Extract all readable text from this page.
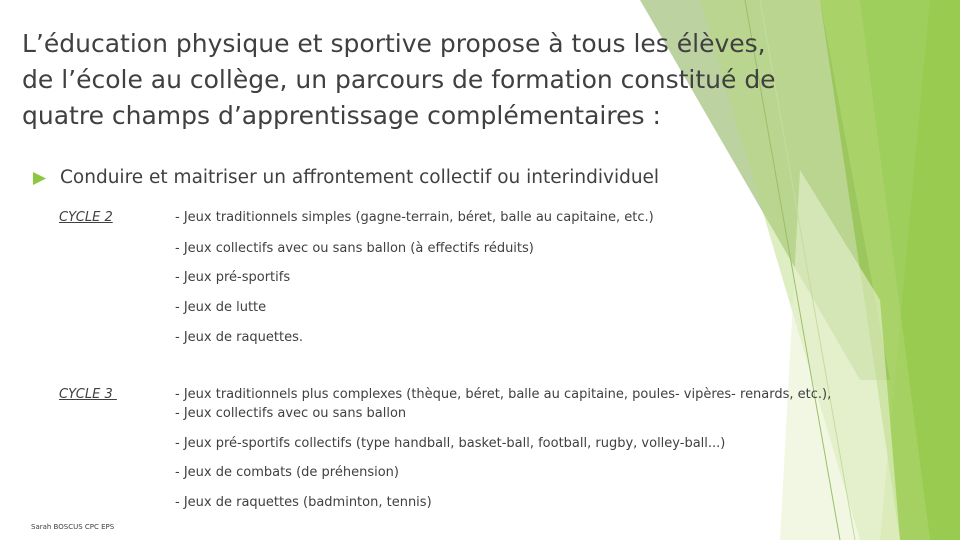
L’éducation physique et sportive propose à tous les élèves,
de l’école au collège, un parcours de formation constitué de
quatre champs d’apprentissage complémentaires :
Conduire et maitriser un affrontement collectif ou interindividuel
CYCLE 2	- Jeux traditionnels simples (gagne-terrain, béret, balle au capitaine, etc.)
- Jeux collectifs avec ou sans ballon (à effectifs réduits)
- Jeux pré-sportifs
- Jeux de lutte
- Jeux de raquettes.
CYCLE 3	- Jeux traditionnels plus complexes (thèque, béret, balle au capitaine, poules- vipères- renards, etc.),
- Jeux collectifs avec ou sans ballon
- Jeux pré-sportifs collectifs (type handball, basket-ball, football, rugby, volley-ball...)
- Jeux de combats (de préhension)
- Jeux de raquettes (badminton, tennis)
Sarah BOSCUS CPC EPS
